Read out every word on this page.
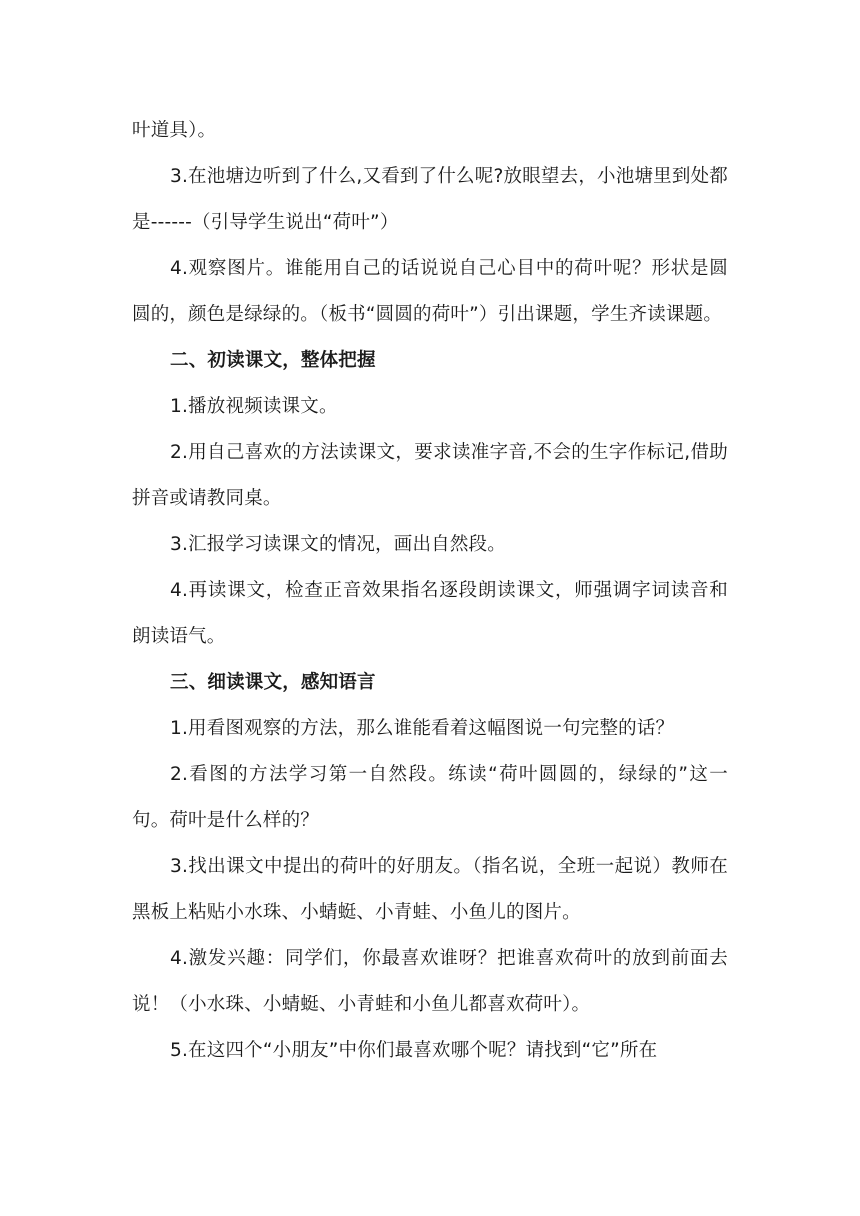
叶道具）。

3.在池塘边听到了什么,又看到了什么呢?放眼望去，小池塘里到处都是------（引导学生说出“荷叶”）

4.观察图片。谁能用自己的话说说自己心目中的荷叶呢？形状是圆圆的，颜色是绿绿的。（板书“圆圆的荷叶”）引出课题，学生齐读课题。

二、初读课文，整体把握

1.播放视频读课文。

2.用自己喜欢的方法读课文，要求读准字音,不会的生字作标记,借助拼音或请教同桌。

3.汇报学习读课文的情况，画出自然段。

4.再读课文，检查正音效果指名逐段朗读课文，师强调字词读音和朗读语气。

三、细读课文，感知语言

1.用看图观察的方法，那么谁能看着这幅图说一句完整的话？

2.看图的方法学习第一自然段。练读“荷叶圆圆的，绿绿的”这一句。荷叶是什么样的？

3.找出课文中提出的荷叶的好朋友。（指名说，全班一起说）教师在黑板上粘贴小水珠、小蜻蜓、小青蛙、小鱼儿的图片。

4.激发兴趣：同学们，你最喜欢谁呀？把谁喜欢荷叶的放到前面去说！（小水珠、小蜻蜓、小青蛙和小鱼儿都喜欢荷叶）。

5.在这四个“小朋友”中你们最喜欢哪个呢？请找到“它”所在
